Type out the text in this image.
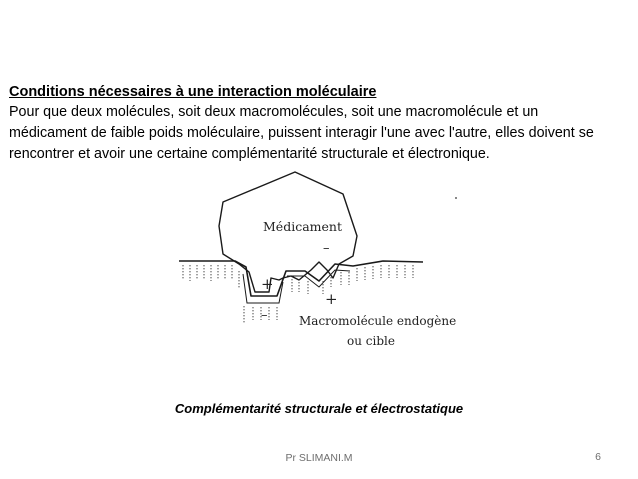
Conditions nécessaires à une interaction moléculaire

Pour que deux molécules, soit deux macromolécules, soit une macromolécule et un
médicament de faible poids moléculaire, puissent interagir l'une avec l'autre, elles doivent se
rencontrer et avoir une certaine complémentarité structurale et électronique.

Médicament
–
+
+
–	Macromolécule endogène
ou cible
Complémentarité structurale et électrostatique
Pr SLIMANI.M	6
